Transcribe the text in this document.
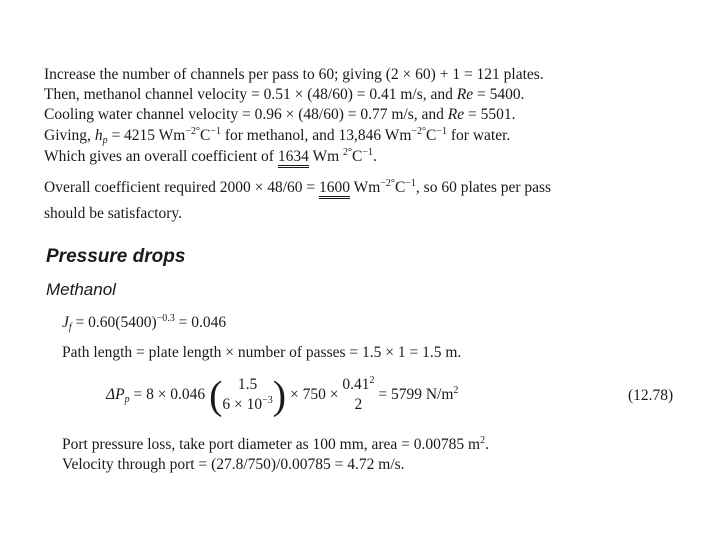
Increase the number of channels per pass to 60; giving (2 × 60) + 1 = 121 plates.
Then, methanol channel velocity = 0.51 × (48/60) = 0.41 m/s, and Re = 5400.
Cooling water channel velocity = 0.96 × (48/60) = 0.77 m/s, and Re = 5501.
Giving, $h_p = 4215$ $Wm^{-2^\circ}C^{-1}$ for methanol, and 13,846 $Wm^{-2^\circ}C^{-1}$ for water.
Which gives an overall coefficient of 1634 Wm $^{2^\circ}C^{-1}$.
Overall coefficient required 2000 × 48/60 = 1600 $Wm^{-2^\circ}C^{-1}$, so 60 plates per pass
should be satisfactory.
Pressure drops
Methanol
$J_f = 0.60(5400)^{-0.3} = 0.046$
Path length = plate length × number of passes = 1.5 × 1 = 1.5 m.
$\Delta P_p = 8 \times 0.046$ (	1.5
$6 \times 10^{-3}$ ) × 750 ×
0.41$^2$
2
= 5799 $N/m^2$	(12.78)
Port pressure loss, take port diameter as 100 mm, area = 0.00785 $m^2$.
Velocity through port = (27.8/750)/0.00785 = 4.72 m/s.
